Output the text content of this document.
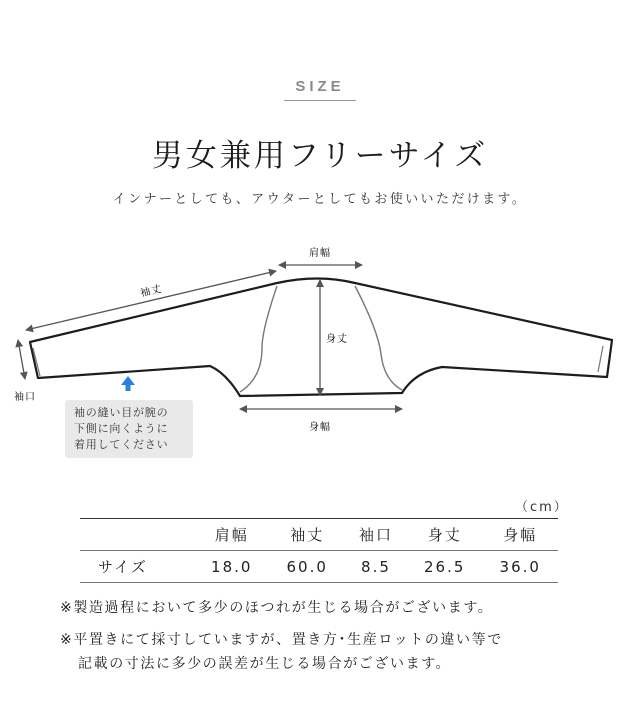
SIZE
男女兼用フリーサイズ
インナーとしても、アウターとしてもお使いいただけます。
肩幅
袖丈
身丈
袖口
身幅
袖の縫い目が腕の
下側に向くように
着用してください
（cm）
	肩幅	袖丈	袖口	身丈	身幅
サイズ	18.0	60.0	8.5	26.5	36.0
※製造過程において多少のほつれが生じる場合がございます。
※平置きにて採寸していますが、置き方･生産ロットの違い等で
記載の寸法に多少の誤差が生じる場合がございます。
